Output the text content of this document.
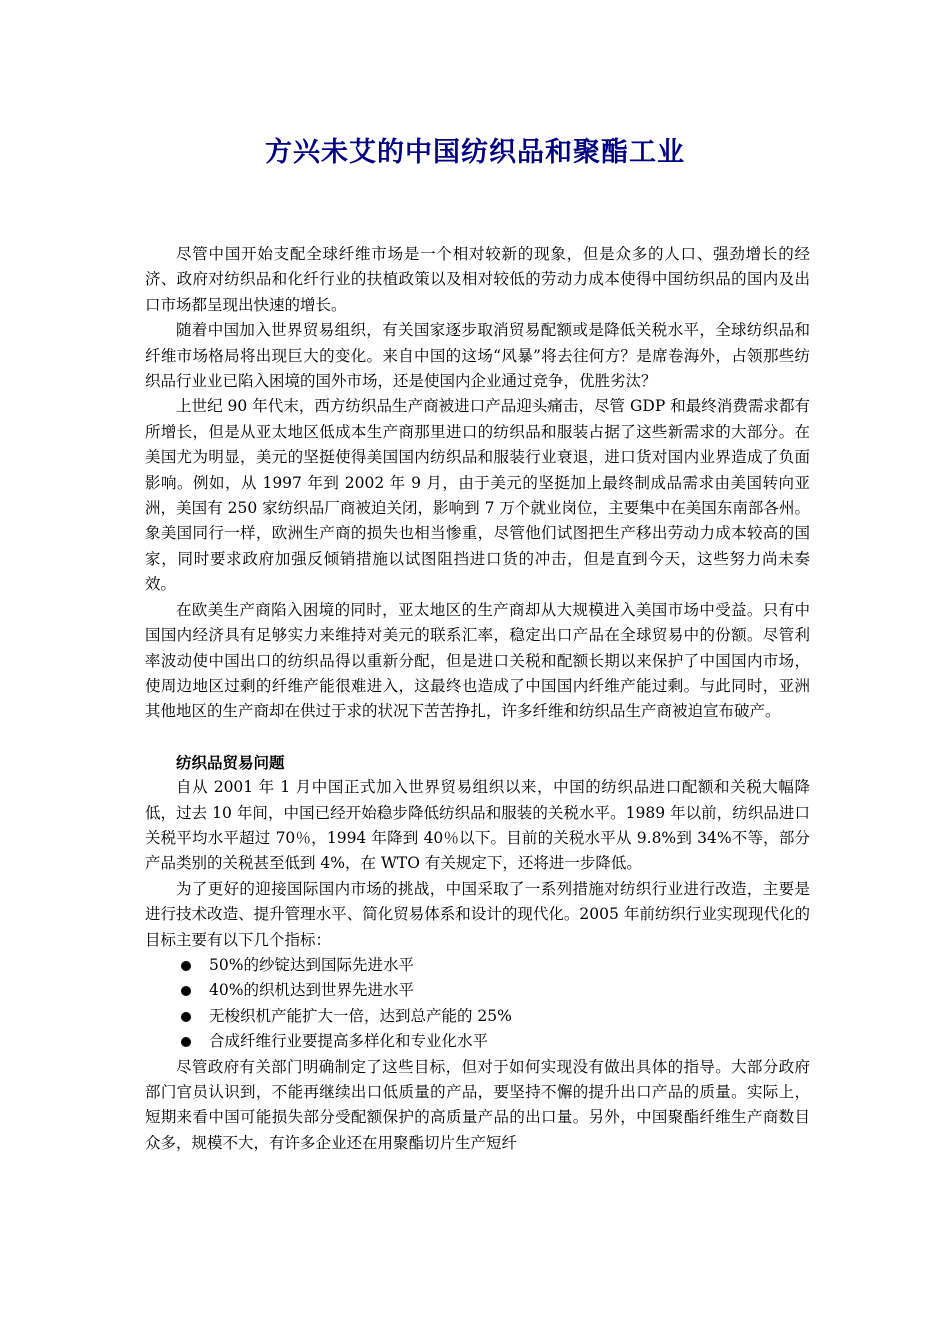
方兴未艾的中国纺织品和聚酯工业

尽管中国开始支配全球纤维市场是一个相对较新的现象，但是众多的人口、强劲增长的经济、政府对纺织品和化纤行业的扶植政策以及相对较低的劳动力成本使得中国纺织品的国内及出口市场都呈现出快速的增长。

随着中国加入世界贸易组织，有关国家逐步取消贸易配额或是降低关税水平，全球纺织品和纤维市场格局将出现巨大的变化。来自中国的这场“风暴”将去往何方？是席卷海外，占领那些纺织品行业业已陷入困境的国外市场，还是使国内企业通过竞争，优胜劣汰？

上世纪 90 年代末，西方纺织品生产商被进口产品迎头痛击，尽管 GDP 和最终消费需求都有所增长，但是从亚太地区低成本生产商那里进口的纺织品和服装占据了这些新需求的大部分。在美国尤为明显，美元的坚挺使得美国国内纺织品和服装行业衰退，进口货对国内业界造成了负面影响。例如，从 1997 年到 2002 年 9 月，由于美元的坚挺加上最终制成品需求由美国转向亚洲，美国有 250 家纺织品厂商被迫关闭，影响到 7 万个就业岗位，主要集中在美国东南部各州。象美国同行一样，欧洲生产商的损失也相当惨重，尽管他们试图把生产移出劳动力成本较高的国家，同时要求政府加强反倾销措施以试图阻挡进口货的冲击，但是直到今天，这些努力尚未奏效。

在欧美生产商陷入困境的同时，亚太地区的生产商却从大规模进入美国市场中受益。只有中国国内经济具有足够实力来维持对美元的联系汇率，稳定出口产品在全球贸易中的份额。尽管利率波动使中国出口的纺织品得以重新分配，但是进口关税和配额长期以来保护了中国国内市场，使周边地区过剩的纤维产能很难进入，这最终也造成了中国国内纤维产能过剩。与此同时，亚洲其他地区的生产商却在供过于求的状况下苦苦挣扎，许多纤维和纺织品生产商被迫宣布破产。

纺织品贸易问题

自从 2001 年 1 月中国正式加入世界贸易组织以来，中国的纺织品进口配额和关税大幅降低，过去 10 年间，中国已经开始稳步降低纺织品和服装的关税水平。1989 年以前，纺织品进口关税平均水平超过 70％，1994 年降到 40％以下。目前的关税水平从 9.8%到 34%不等，部分产品类别的关税甚至低到 4%，在 WTO 有关规定下，还将进一步降低。

为了更好的迎接国际国内市场的挑战，中国采取了一系列措施对纺织行业进行改造，主要是进行技术改造、提升管理水平、简化贸易体系和设计的现代化。2005 年前纺织行业实现现代化的目标主要有以下几个指标：

50%的纱锭达到国际先进水平
40%的织机达到世界先进水平
无梭织机产能扩大一倍，达到总产能的 25%
合成纤维行业要提高多样化和专业化水平

尽管政府有关部门明确制定了这些目标，但对于如何实现没有做出具体的指导。大部分政府部门官员认识到，不能再继续出口低质量的产品，要坚持不懈的提升出口产品的质量。实际上，短期来看中国可能损失部分受配额保护的高质量产品的出口量。另外，中国聚酯纤维生产商数目众多，规模不大，有许多企业还在用聚酯切片生产短纤
